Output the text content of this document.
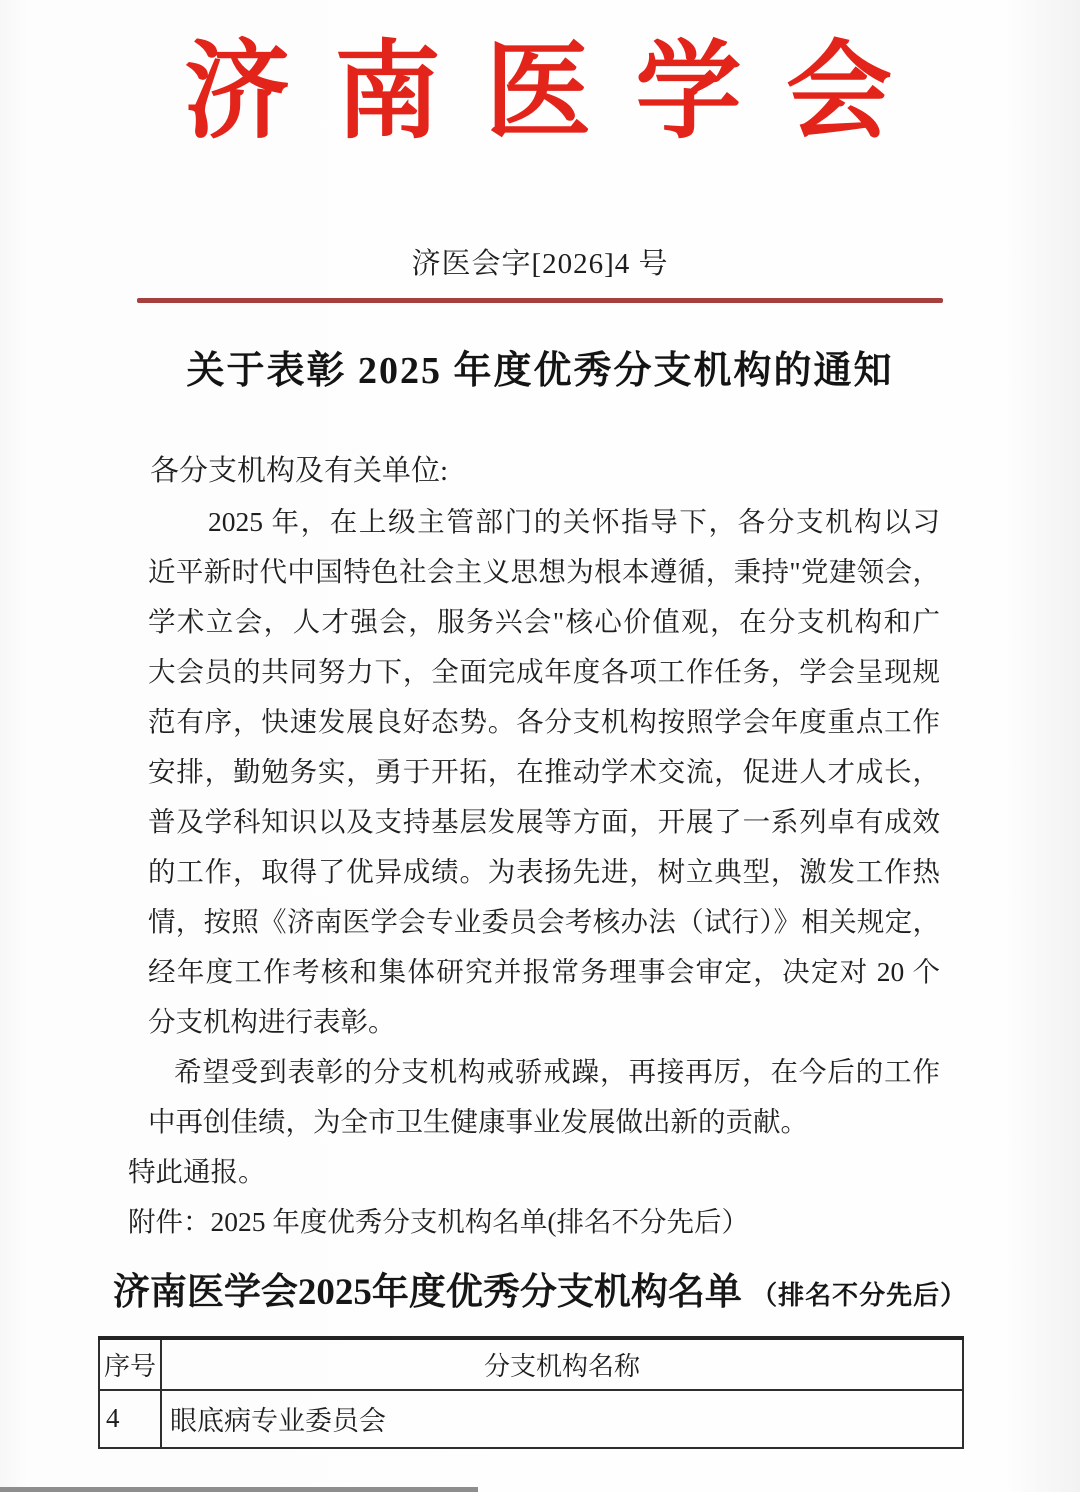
济 南 医 学 会
济医会字[2026]4 号
关于表彰 2025 年度优秀分支机构的通知
各分支机构及有关单位:
2025 年，在上级主管部门的关怀指导下，各分支机构以习
近平新时代中国特色社会主义思想为根本遵循，秉持"党建领会，
学术立会，人才强会，服务兴会"核心价值观，在分支机构和广
大会员的共同努力下，全面完成年度各项工作任务，学会呈现规
范有序，快速发展良好态势。各分支机构按照学会年度重点工作
安排，勤勉务实，勇于开拓，在推动学术交流，促进人才成长，
普及学科知识以及支持基层发展等方面，开展了一系列卓有成效
的工作，取得了优异成绩。为表扬先进，树立典型，激发工作热
情，按照《济南医学会专业委员会考核办法（试行）》相关规定，
经年度工作考核和集体研究并报常务理事会审定，决定对 20 个
分支机构进行表彰。
希望受到表彰的分支机构戒骄戒躁，再接再厉，在今后的工作
中再创佳绩，为全市卫生健康事业发展做出新的贡献。
特此通报。
附件：2025 年度优秀分支机构名单(排名不分先后）
济南医学会2025年度优秀分支机构名单 （排名不分先后）
序号	分支机构名称
4	眼底病专业委员会
